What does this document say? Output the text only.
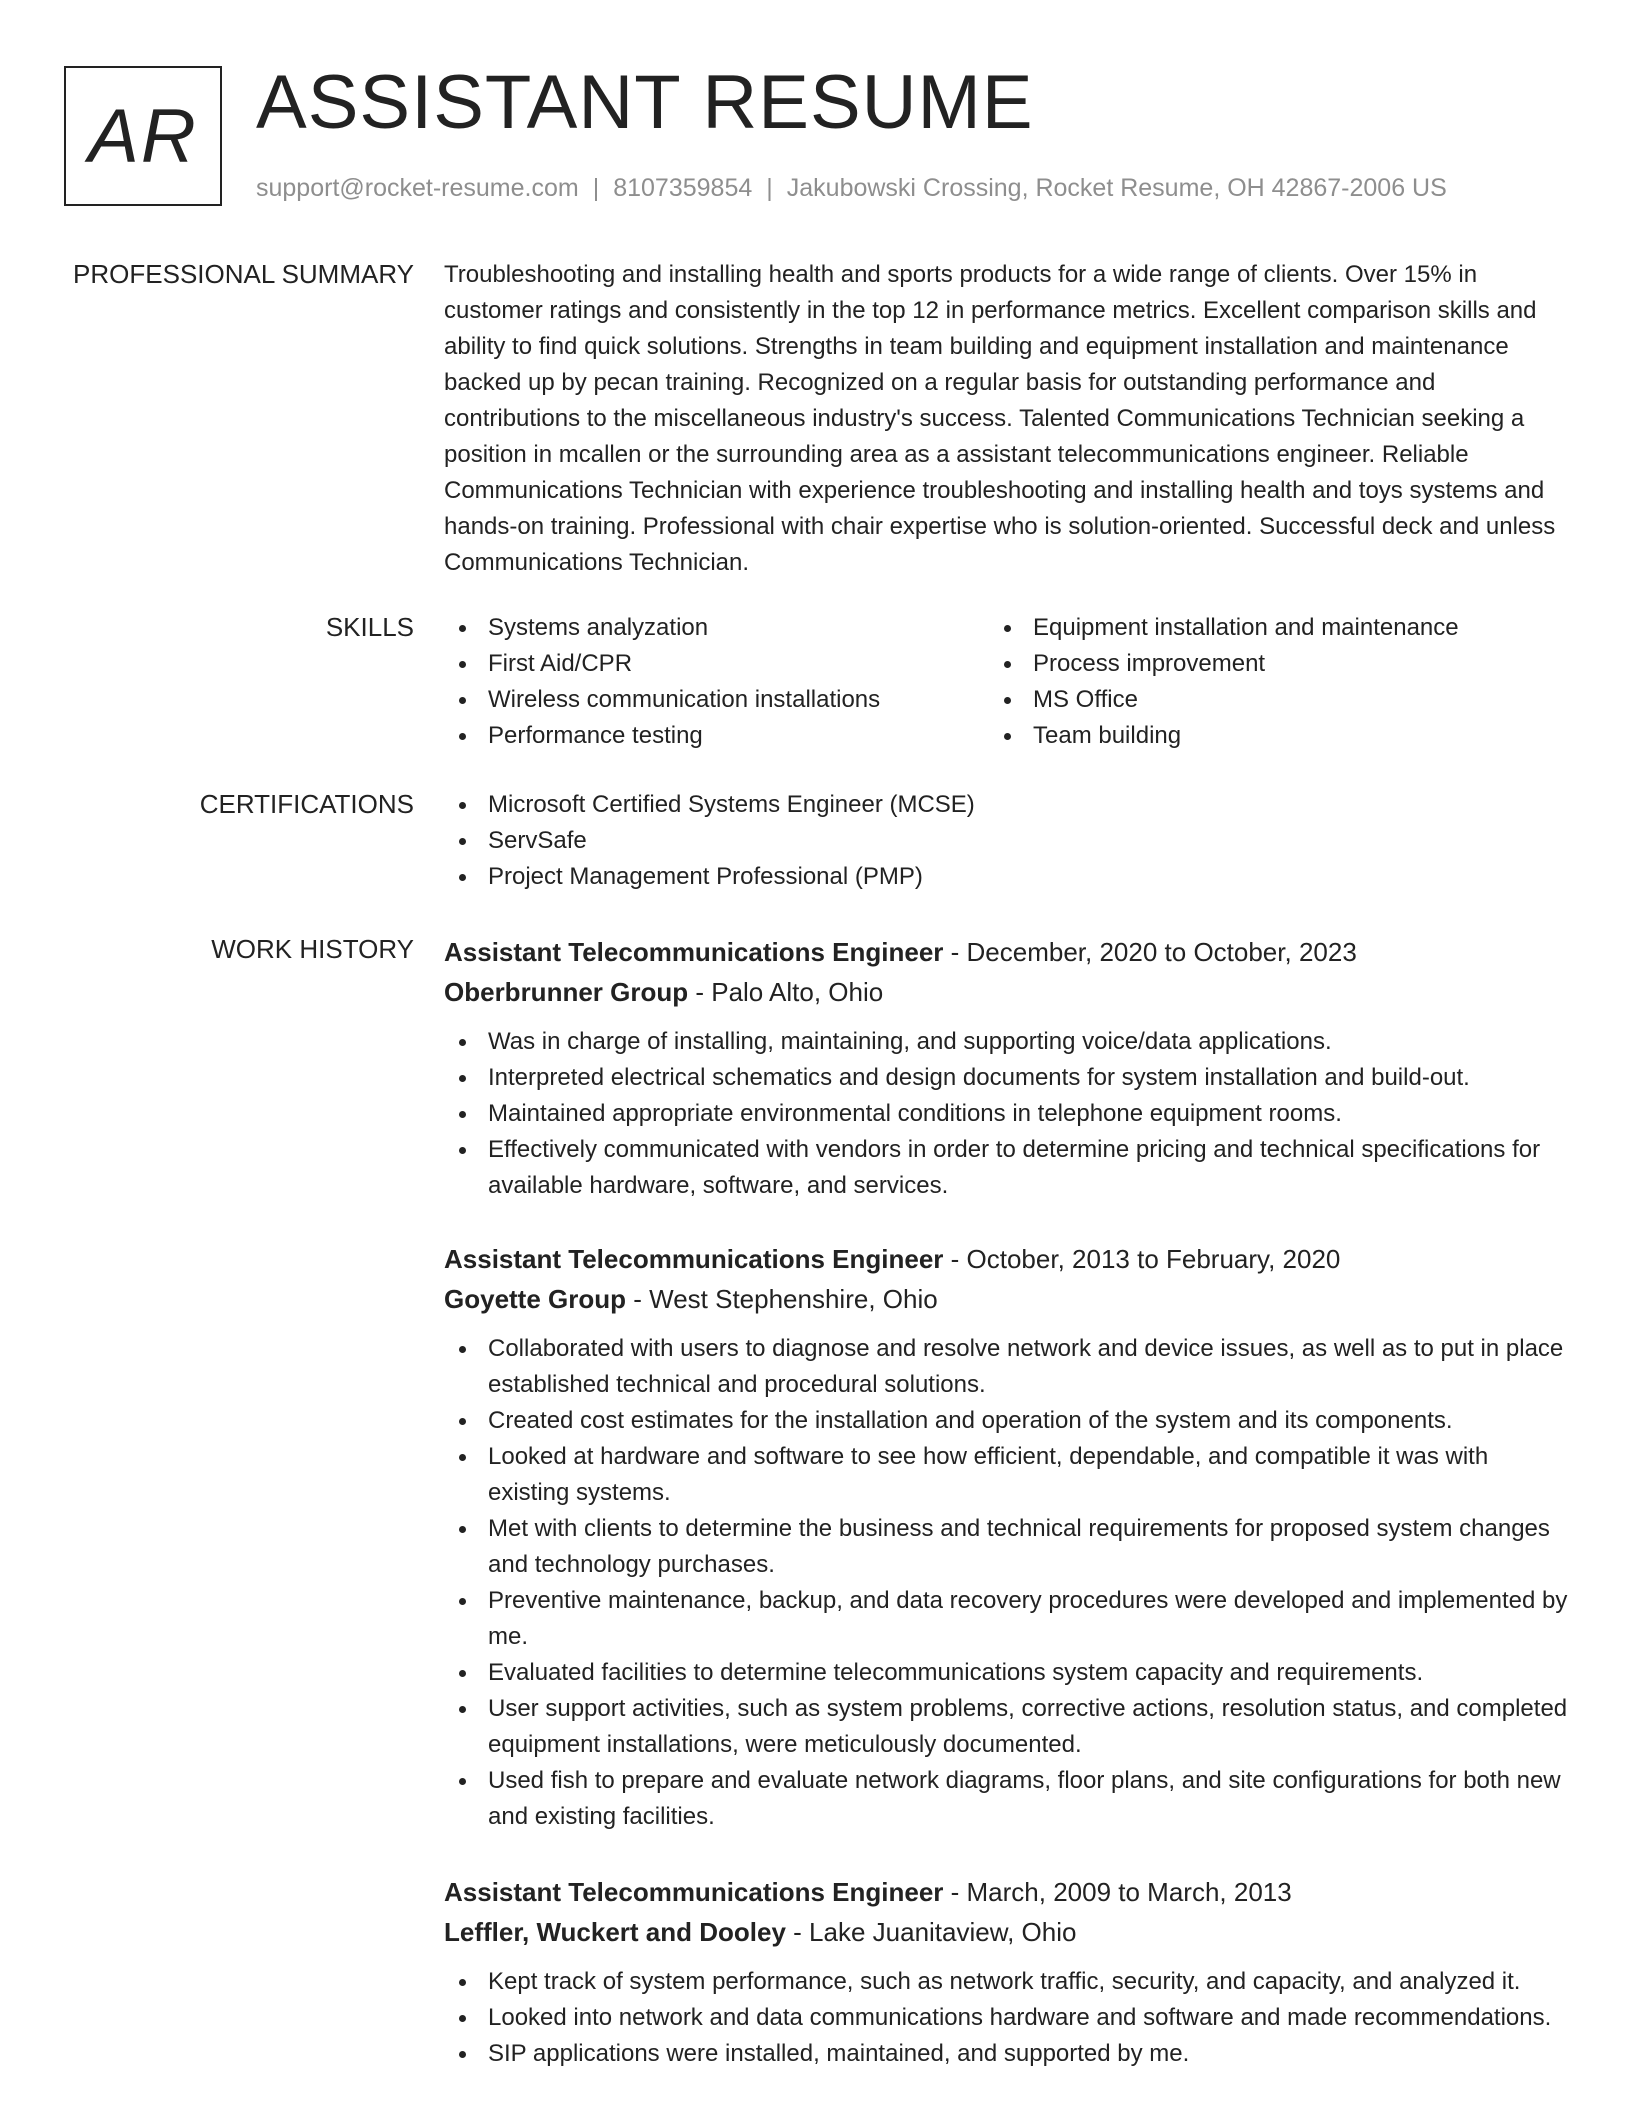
AR ASSISTANT RESUME
support@rocket-resume.com | 8107359854 | Jakubowski Crossing, Rocket Resume, OH 42867-2006 US
PROFESSIONAL SUMMARY Troubleshooting and installing health and sports products for a wide range of clients. Over 15% in customer ratings and consistently in the top 12 in performance metrics. Excellent comparison skills and ability to find quick solutions. Strengths in team building and equipment installation and maintenance backed up by pecan training. Recognized on a regular basis for outstanding performance and contributions to the miscellaneous industry's success. Talented Communications Technician seeking a position in mcallen or the surrounding area as a assistant telecommunications engineer. Reliable Communications Technician with experience troubleshooting and installing health and toys systems and hands-on training. Professional with chair expertise who is solution-oriented. Successful deck and unless Communications Technician.

SKILLS	Systems analyzation
First Aid/CPR
Wireless communication installations
Performance testing
Equipment installation and maintenance
Process improvement
MS Office
Team building
CERTIFICATIONS	Microsoft Certified Systems Engineer (MCSE)
ServSafe
Project Management Professional (PMP)
WORK HISTORY Assistant Telecommunications Engineer - December, 2020 to October, 2023
Oberbrunner Group - Palo Alto, Ohio
Was in charge of installing, maintaining, and supporting voice/data applications.
Interpreted electrical schematics and design documents for system installation and build-out.
Maintained appropriate environmental conditions in telephone equipment rooms.
Effectively communicated with vendors in order to determine pricing and technical specifications for available hardware, software, and services.
Assistant Telecommunications Engineer - October, 2013 to February, 2020
Goyette Group - West Stephenshire, Ohio
Collaborated with users to diagnose and resolve network and device issues, as well as to put in place established technical and procedural solutions.
Created cost estimates for the installation and operation of the system and its components.
Looked at hardware and software to see how efficient, dependable, and compatible it was with existing systems.
Met with clients to determine the business and technical requirements for proposed system changes and technology purchases.
Preventive maintenance, backup, and data recovery procedures were developed and implemented by me.
Evaluated facilities to determine telecommunications system capacity and requirements.
User support activities, such as system problems, corrective actions, resolution status, and completed equipment installations, were meticulously documented.
Used fish to prepare and evaluate network diagrams, floor plans, and site configurations for both new and existing facilities.
Assistant Telecommunications Engineer - March, 2009 to March, 2013
Leffler, Wuckert and Dooley - Lake Juanitaview, Ohio
Kept track of system performance, such as network traffic, security, and capacity, and analyzed it.
Looked into network and data communications hardware and software and made recommendations.
SIP applications were installed, maintained, and supported by me.
